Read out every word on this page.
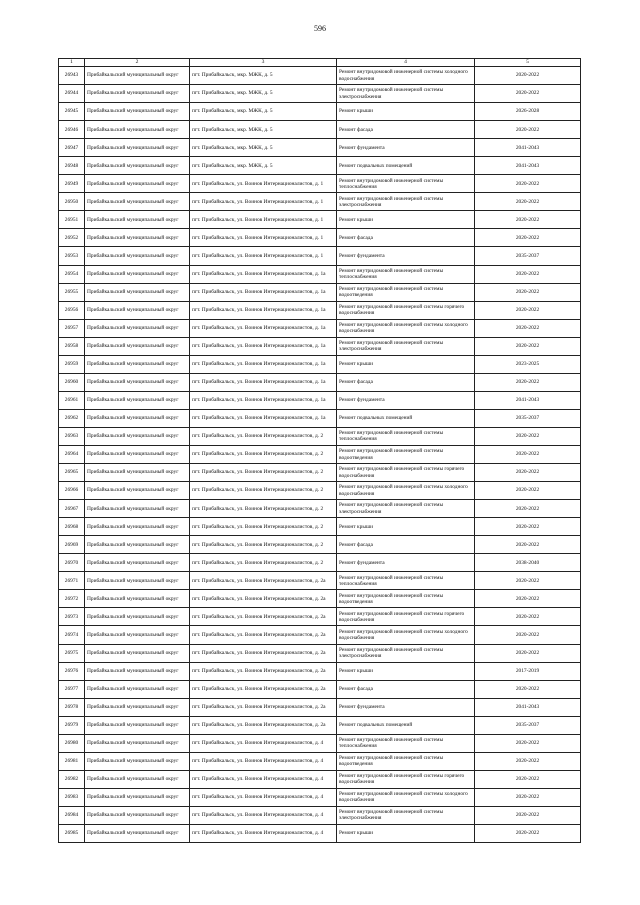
596
1	2	3	4	5
26943	Прибайкальский муниципальный округ	пгт. Прибайкальск, мкр. МЖК, д. 5	Ремонт внутридомовой инженерной системы холодного водоснабжения	2020-2022
26944	Прибайкальский муниципальный округ	пгт. Прибайкальск, мкр. МЖК, д. 5	Ремонт внутридомовой инженерной системы электроснабжения	2020-2022
26945	Прибайкальский муниципальный округ	пгт. Прибайкальск, мкр. МЖК, д. 5	Ремонт крыши	2026-2028
26946	Прибайкальский муниципальный округ	пгт. Прибайкальск, мкр. МЖК, д. 5	Ремонт фасада	2020-2022
26947	Прибайкальский муниципальный округ	пгт. Прибайкальск, мкр. МЖК, д. 5	Ремонт фундамента	2041-2043
26948	Прибайкальский муниципальный округ	пгт. Прибайкальск, мкр. МЖК, д. 5	Ремонт подвальных помещений	2041-2043
26949	Прибайкальский муниципальный округ	пгт. Прибайкальск, ул. Воинов Интернационалистов, д. 1	Ремонт внутридомовой инженерной системы теплоснабжения	2020-2022
26950	Прибайкальский муниципальный округ	пгт. Прибайкальск, ул. Воинов Интернационалистов, д. 1	Ремонт внутридомовой инженерной системы электроснабжения	2020-2022
26951	Прибайкальский муниципальный округ	пгт. Прибайкальск, ул. Воинов Интернационалистов, д. 1	Ремонт крыши	2020-2022
26952	Прибайкальский муниципальный округ	пгт. Прибайкальск, ул. Воинов Интернационалистов, д. 1	Ремонт фасада	2020-2022
26953	Прибайкальский муниципальный округ	пгт. Прибайкальск, ул. Воинов Интернационалистов, д. 1	Ремонт фундамента	2035-2037
26954	Прибайкальский муниципальный округ	пгт. Прибайкальск, ул. Воинов Интернационалистов, д. 1а	Ремонт внутридомовой инженерной системы теплоснабжения	2020-2022
26955	Прибайкальский муниципальный округ	пгт. Прибайкальск, ул. Воинов Интернационалистов, д. 1а	Ремонт внутридомовой инженерной системы водоотведения	2020-2022
26956	Прибайкальский муниципальный округ	пгт. Прибайкальск, ул. Воинов Интернационалистов, д. 1а	Ремонт внутридомовой инженерной системы горячего водоснабжения	2020-2022
26957	Прибайкальский муниципальный округ	пгт. Прибайкальск, ул. Воинов Интернационалистов, д. 1а	Ремонт внутридомовой инженерной системы холодного водоснабжения	2020-2022
26958	Прибайкальский муниципальный округ	пгт. Прибайкальск, ул. Воинов Интернационалистов, д. 1а	Ремонт внутридомовой инженерной системы электроснабжения	2020-2022
26959	Прибайкальский муниципальный округ	пгт. Прибайкальск, ул. Воинов Интернационалистов, д. 1а	Ремонт крыши	2023-2025
26960	Прибайкальский муниципальный округ	пгт. Прибайкальск, ул. Воинов Интернационалистов, д. 1а	Ремонт фасада	2020-2022
26961	Прибайкальский муниципальный округ	пгт. Прибайкальск, ул. Воинов Интернационалистов, д. 1а	Ремонт фундамента	2041-2043
26962	Прибайкальский муниципальный округ	пгт. Прибайкальск, ул. Воинов Интернационалистов, д. 1а	Ремонт подвальных помещений	2035-2037
26963	Прибайкальский муниципальный округ	пгт. Прибайкальск, ул. Воинов Интернационалистов, д. 2	Ремонт внутридомовой инженерной системы теплоснабжения	2020-2022
26964	Прибайкальский муниципальный округ	пгт. Прибайкальск, ул. Воинов Интернационалистов, д. 2	Ремонт внутридомовой инженерной системы водоотведения	2020-2022
26965	Прибайкальский муниципальный округ	пгт. Прибайкальск, ул. Воинов Интернационалистов, д. 2	Ремонт внутридомовой инженерной системы горячего водоснабжения	2020-2022
26966	Прибайкальский муниципальный округ	пгт. Прибайкальск, ул. Воинов Интернационалистов, д. 2	Ремонт внутридомовой инженерной системы холодного водоснабжения	2020-2022
26967	Прибайкальский муниципальный округ	пгт. Прибайкальск, ул. Воинов Интернационалистов, д. 2	Ремонт внутридомовой инженерной системы электроснабжения	2020-2022
26968	Прибайкальский муниципальный округ	пгт. Прибайкальск, ул. Воинов Интернационалистов, д. 2	Ремонт крыши	2020-2022
26969	Прибайкальский муниципальный округ	пгт. Прибайкальск, ул. Воинов Интернационалистов, д. 2	Ремонт фасада	2020-2022
26970	Прибайкальский муниципальный округ	пгт. Прибайкальск, ул. Воинов Интернационалистов, д. 2	Ремонт фундамента	2038-2040
26971	Прибайкальский муниципальный округ	пгт. Прибайкальск, ул. Воинов Интернационалистов, д. 2а	Ремонт внутридомовой инженерной системы теплоснабжения	2020-2022
26972	Прибайкальский муниципальный округ	пгт. Прибайкальск, ул. Воинов Интернационалистов, д. 2а	Ремонт внутридомовой инженерной системы водоотведения	2020-2022
26973	Прибайкальский муниципальный округ	пгт. Прибайкальск, ул. Воинов Интернационалистов, д. 2а	Ремонт внутридомовой инженерной системы горячего водоснабжения	2020-2022
26974	Прибайкальский муниципальный округ	пгт. Прибайкальск, ул. Воинов Интернационалистов, д. 2а	Ремонт внутридомовой инженерной системы холодного водоснабжения	2020-2022
26975	Прибайкальский муниципальный округ	пгт. Прибайкальск, ул. Воинов Интернационалистов, д. 2а	Ремонт внутридомовой инженерной системы электроснабжения	2020-2022
26976	Прибайкальский муниципальный округ	пгт. Прибайкальск, ул. Воинов Интернационалистов, д. 2а	Ремонт крыши	2017-2019
26977	Прибайкальский муниципальный округ	пгт. Прибайкальск, ул. Воинов Интернационалистов, д. 2а	Ремонт фасада	2020-2022
26978	Прибайкальский муниципальный округ	пгт. Прибайкальск, ул. Воинов Интернационалистов, д. 2а	Ремонт фундамента	2041-2043
26979	Прибайкальский муниципальный округ	пгт. Прибайкальск, ул. Воинов Интернационалистов, д. 2а	Ремонт подвальных помещений	2035-2037
26980	Прибайкальский муниципальный округ	пгт. Прибайкальск, ул. Воинов Интернационалистов, д. 4	Ремонт внутридомовой инженерной системы теплоснабжения	2020-2022
26981	Прибайкальский муниципальный округ	пгт. Прибайкальск, ул. Воинов Интернационалистов, д. 4	Ремонт внутридомовой инженерной системы водоотведения	2020-2022
26982	Прибайкальский муниципальный округ	пгт. Прибайкальск, ул. Воинов Интернационалистов, д. 4	Ремонт внутридомовой инженерной системы горячего водоснабжения	2020-2022
26983	Прибайкальский муниципальный округ	пгт. Прибайкальск, ул. Воинов Интернационалистов, д. 4	Ремонт внутридомовой инженерной системы холодного водоснабжения	2020-2022
26984	Прибайкальский муниципальный округ	пгт. Прибайкальск, ул. Воинов Интернационалистов, д. 4	Ремонт внутридомовой инженерной системы электроснабжения	2020-2022
26985	Прибайкальский муниципальный округ	пгт. Прибайкальск, ул. Воинов Интернационалистов, д. 4	Ремонт крыши	2020-2022
